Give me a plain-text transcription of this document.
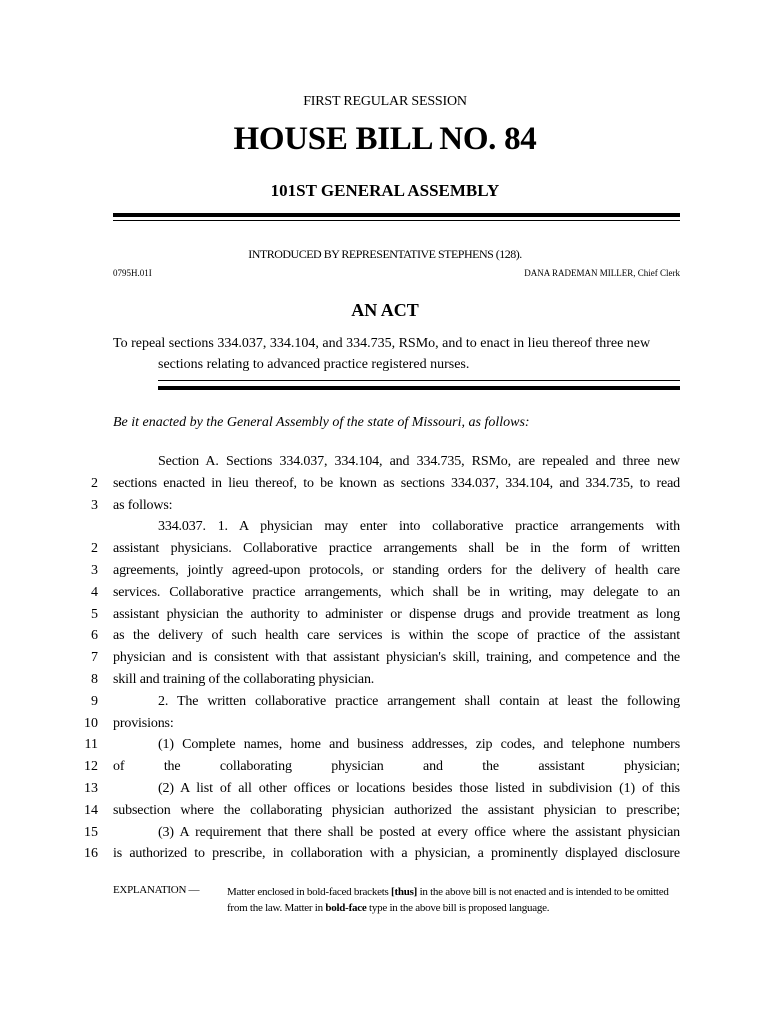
FIRST REGULAR SESSION
HOUSE BILL NO. 84
101ST GENERAL ASSEMBLY
INTRODUCED BY REPRESENTATIVE STEPHENS (128).
0795H.01I	DANA RADEMAN MILLER, Chief Clerk
AN ACT
To repeal sections 334.037, 334.104, and 334.735, RSMo, and to enact in lieu thereof three new
sections relating to advanced practice registered nurses.
Be it enacted by the General Assembly of the state of Missouri, as follows:
Section A. Sections 334.037, 334.104, and 334.735, RSMo, are repealed and three new
2 sections enacted in lieu thereof, to be known as sections 334.037, 334.104, and 334.735, to read
3 as follows:
334.037. 1. A physician may enter into collaborative practice arrangements with
2 assistant physicians. Collaborative practice arrangements shall be in the form of written
3 agreements, jointly agreed-upon protocols, or standing orders for the delivery of health care
4 services. Collaborative practice arrangements, which shall be in writing, may delegate to an
5 assistant physician the authority to administer or dispense drugs and provide treatment as long
6 as the delivery of such health care services is within the scope of practice of the assistant
7 physician and is consistent with that assistant physician's skill, training, and competence and the
8 skill and training of the collaborating physician.
9	2. The written collaborative practice arrangement shall contain at least the following
10 provisions:
11	(1) Complete names, home and business addresses, zip codes, and telephone numbers
12 of the collaborating physician and the assistant physician;
13	(2) A list of all other offices or locations besides those listed in subdivision (1) of this
14 subsection where the collaborating physician authorized the assistant physician to prescribe;
15	(3) A requirement that there shall be posted at every office where the assistant physician
16 is authorized to prescribe, in collaboration with a physician, a prominently displayed disclosure
EXPLANATION —	Matter enclosed in bold-faced brackets [thus] in the above bill is not enacted and is intended to be omitted from the law. Matter in bold-face type in the above bill is proposed language.
